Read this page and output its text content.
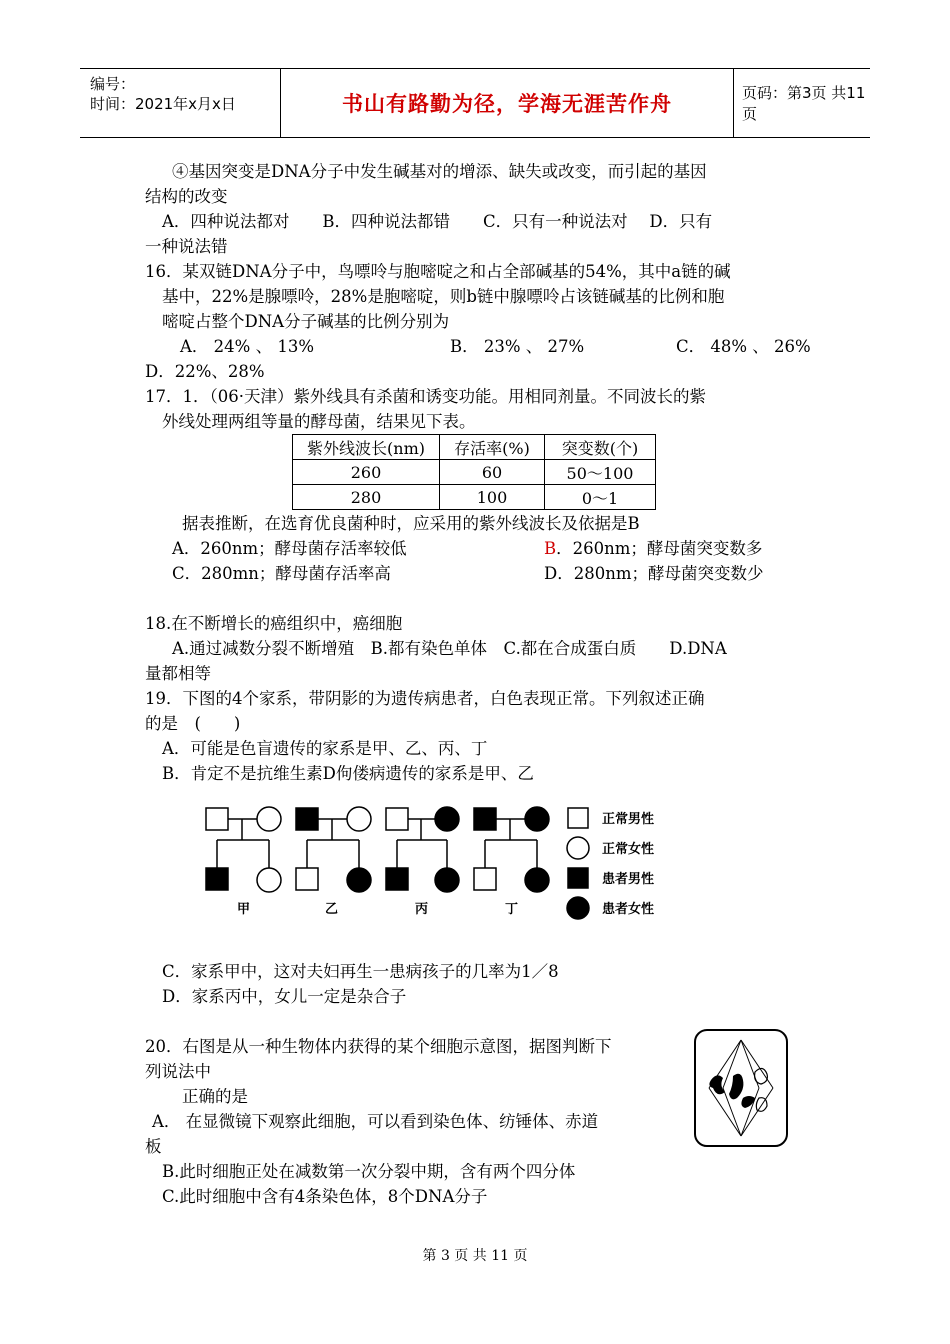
编号：
时间：2021年x月x日	书山有路勤为径，学海无涯苦作舟	页码：第3页 共11页
④基因突变是DNA分子中发生碱基对的增添、缺失或改变，而引起的基因
结构的改变
A．四种说法都对　　B．四种说法都错　　C．只有一种说法对　 D．只有
一种说法错
16．某双链DNA分子中，鸟嘌呤与胞嘧啶之和占全部碱基的54%，其中a链的碱
基中，22%是腺嘌呤，28%是胞嘧啶，则b链中腺嘌呤占该链碱基的比例和胞
嘧啶占整个DNA分子碱基的比例分别为
A． 24% 、 13%	B． 23% 、 27%	C． 48% 、 26%
D．22%、28%
17．1．（06·天津）紫外线具有杀菌和诱变功能。用相同剂量。不同波长的紫
外线处理两组等量的酵母菌，结果见下表。
紫外线波长(nm)	存活率(%)	突变数(个)
260	60	50～100
280	100	0～1
据表推断，在选育优良菌种时，应采用的紫外线波长及依据是B
A．260nm；酵母菌存活率较低	B．260nm；酵母菌突变数多
C．280mn；酵母菌存活率高	D．280nm；酵母菌突变数少
18.在不断增长的癌组织中，癌细胞
A.通过减数分裂不断增殖　B.都有染色单体　C.都在合成蛋白质　　D.DNA
量都相等
19．下图的4个家系，带阴影的为遗传病患者，白色表现正常。下列叙述正确
的是　(　　)
A．可能是色盲遗传的家系是甲、乙、丙、丁
B．肯定不是抗维生素D佝偻病遗传的家系是甲、乙
甲	乙	丙	丁
正常男性
正常女性
患者男性
患者女性
C．家系甲中，这对夫妇再生一患病孩子的几率为1／8
D．家系丙中，女儿一定是杂合子
20．右图是从一种生物体内获得的某个细胞示意图，据图判断下
列说法中
正确的是
A． 在显微镜下观察此细胞，可以看到染色体、纺锤体、赤道
板
B.此时细胞正处在减数第一次分裂中期，含有两个四分体
C.此时细胞中含有4条染色体，8个DNA分子
第 3 页 共 11 页
